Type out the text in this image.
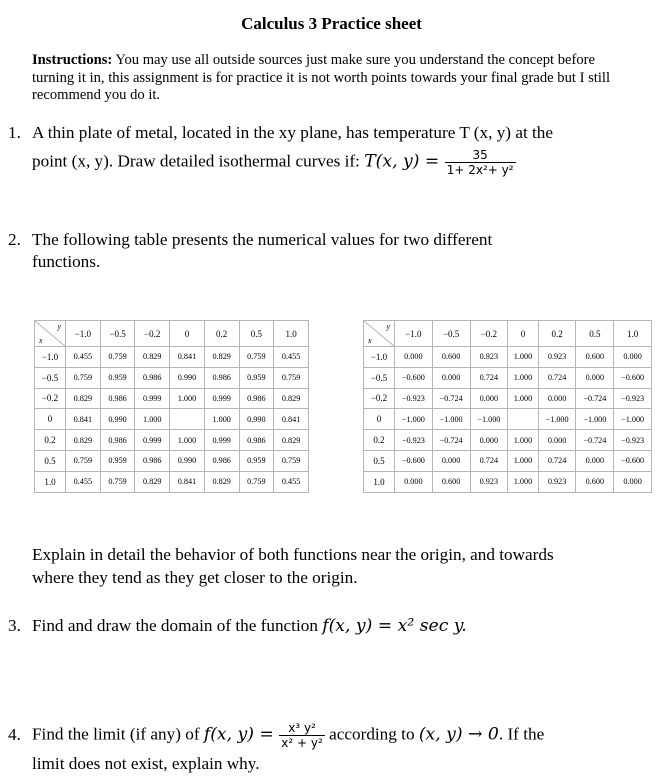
Calculus 3 Practice sheet
Instructions: You may use all outside sources just make sure you understand the concept before turning it in, this assignment is for practice it is not worth points towards your final grade but I still recommend you do it.
1. A thin plate of metal, located in the xy plane, has temperature T (x, y) at the
point (x, y). Draw detailed isothermal curves if: T(x, $y) = \frac{35}{\text{1+ 2x²+ y²}}$
2. The following table presents the numerical values for two different
functions.
y
x	−1.0	−0.5	−0.2	0	0.2	0.5	1.0
−1.0	0.455	0.759	0.829	0.841	0.829	0.759	0.455
−0.5	0.759	0.959	0.986	0.990	0.986	0.959	0.759
−0.2	0.829	0.986	0.999	1.000	0.999	0.986	0.829
0	0.841	0.990	1.000		1.000	0.990	0.841
0.2	0.829	0.986	0.999	1.000	0.999	0.986	0.829
0.5	0.759	0.959	0.986	0.990	0.986	0.959	0.759
1.0	0.455	0.759	0.829	0.841	0.829	0.759	0.455
y
x	−1.0	−0.5	−0.2	0	0.2	0.5	1.0
−1.0	0.000	0.600	0.923	1.000	0.923	0.600	0.000
−0.5	−0.600	0.000	0.724	1.000	0.724	0.000	−0.600
−0.2	−0.923	−0.724	0.000	1.000	0.000	−0.724	−0.923
0	−1.000	−1.000	−1.000		−1.000	−1.000	−1.000
0.2	−0.923	−0.724	0.000	1.000	0.000	−0.724	−0.923
0.5	−0.600	0.000	0.724	1.000	0.724	0.000	−0.600
1.0	0.000	0.600	0.923	1.000	0.923	0.600	0.000
Explain in detail the behavior of both functions near the origin, and towards
where they tend as they get closer to the origin.
3. Find and draw the domain of the function f(x, y) = x² sec y.
4. Find the limit (if any) of f(x, $y) = \frac{\text{x³ y²}}{\text{x² + y²}}$ according to (x, y) → 0. If the
limit does not exist, explain why.
